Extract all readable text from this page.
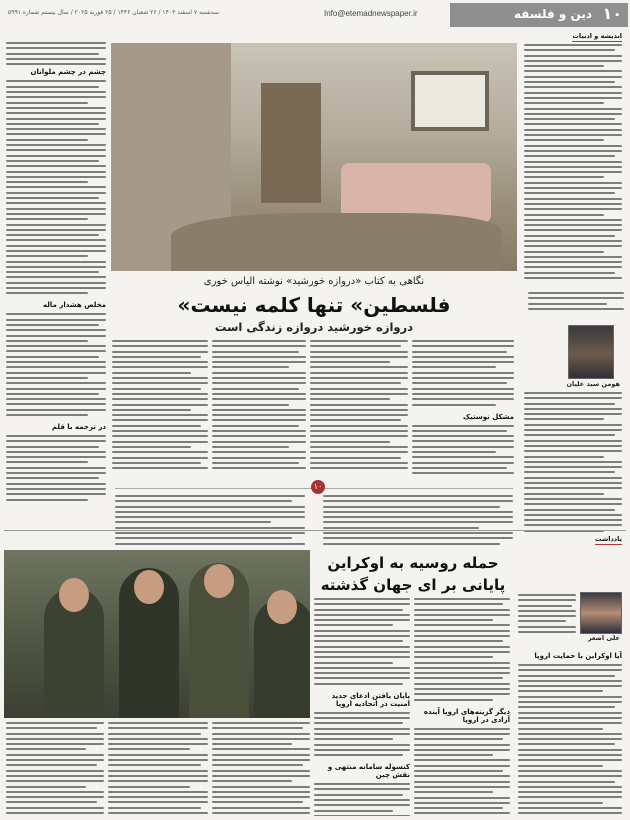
۱۰
دین و فلسفه
Info@etemadnewspaper.ir
سه‌شنبه ۷ اسفند ۱۴۰۳ / ۲۶ شعبان ۱۴۴۶ / ۲۵ فوریه ۲۰۲۵ / سال بیستم شماره ۵۹۹۱
اندیشه و ادبیات
هومن سید علیان
چشم در چشم ملوانان
مخلص هشدار ماله
در ترجمه با قلم
نگاهی به کتاب «دروازه خورشید» نوشته الیاس خوری
«فلسطین» تنها کلمه نیست
دروازه خورشید دروازه زندگی است
مشکل نوستیک
۱۰
یادداشت
حمله روسیه به اوکراین
پایانی بر ای جهان گذشته
علی اصغر
آیا اوکراین با حمایت اروپا
دیگر گزینه‌های اروپا آینده آزادی در اروپا
پایان یافتن ادعای جدید امنیت در اتحادیه اروپا
کنسوله سامانه منتهی و نقش چین
